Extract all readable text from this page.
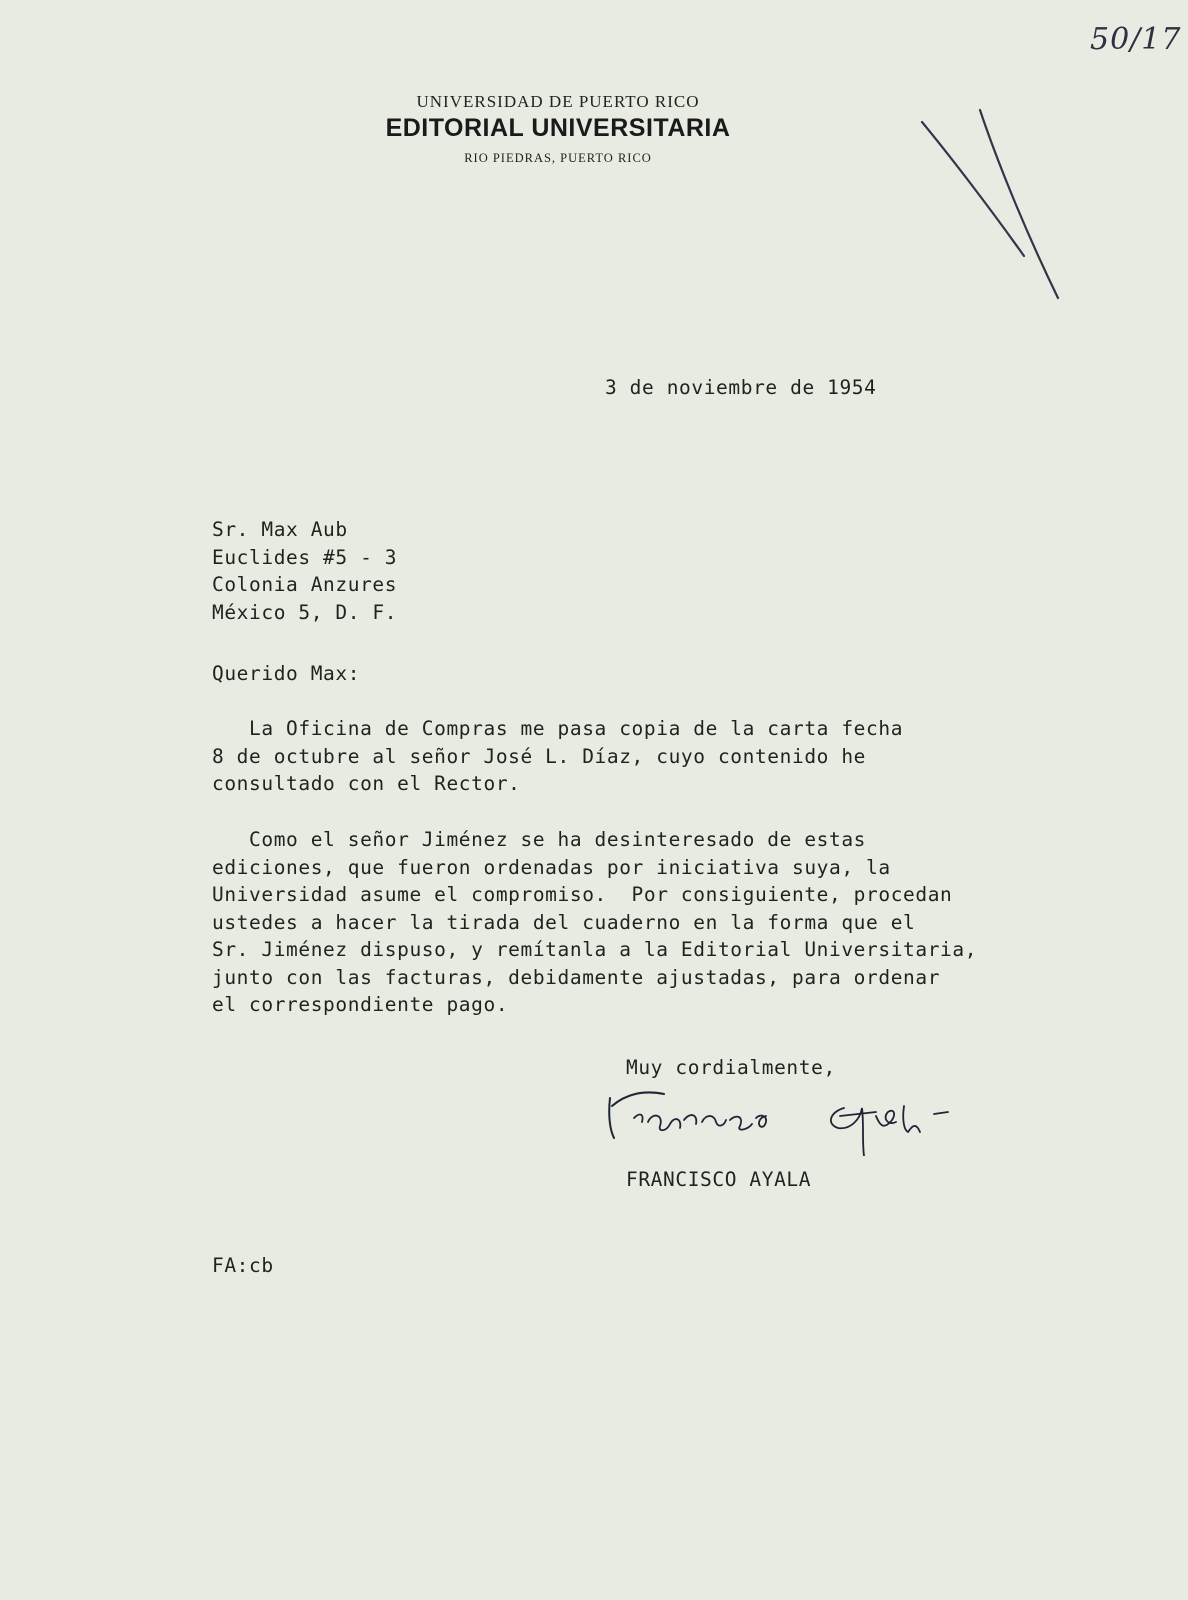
50/17
UNIVERSIDAD DE PUERTO RICO
EDITORIAL UNIVERSITARIA
RIO PIEDRAS, PUERTO RICO
3 de noviembre de 1954
Sr. Max Aub
Euclides #5 - 3
Colonia Anzures
México 5, D. F.
Querido Max:
La Oficina de Compras me pasa copia de la carta fecha
8 de octubre al señor José L. Díaz, cuyo contenido he
consultado con el Rector.
Como el señor Jiménez se ha desinteresado de estas
ediciones, que fueron ordenadas por iniciativa suya, la
Universidad asume el compromiso.  Por consiguiente, procedan
ustedes a hacer la tirada del cuaderno en la forma que el
Sr. Jiménez dispuso, y remítanla a la Editorial Universitaria,
junto con las facturas, debidamente ajustadas, para ordenar
el correspondiente pago.
Muy cordialmente,
FRANCISCO AYALA
FA:cb
